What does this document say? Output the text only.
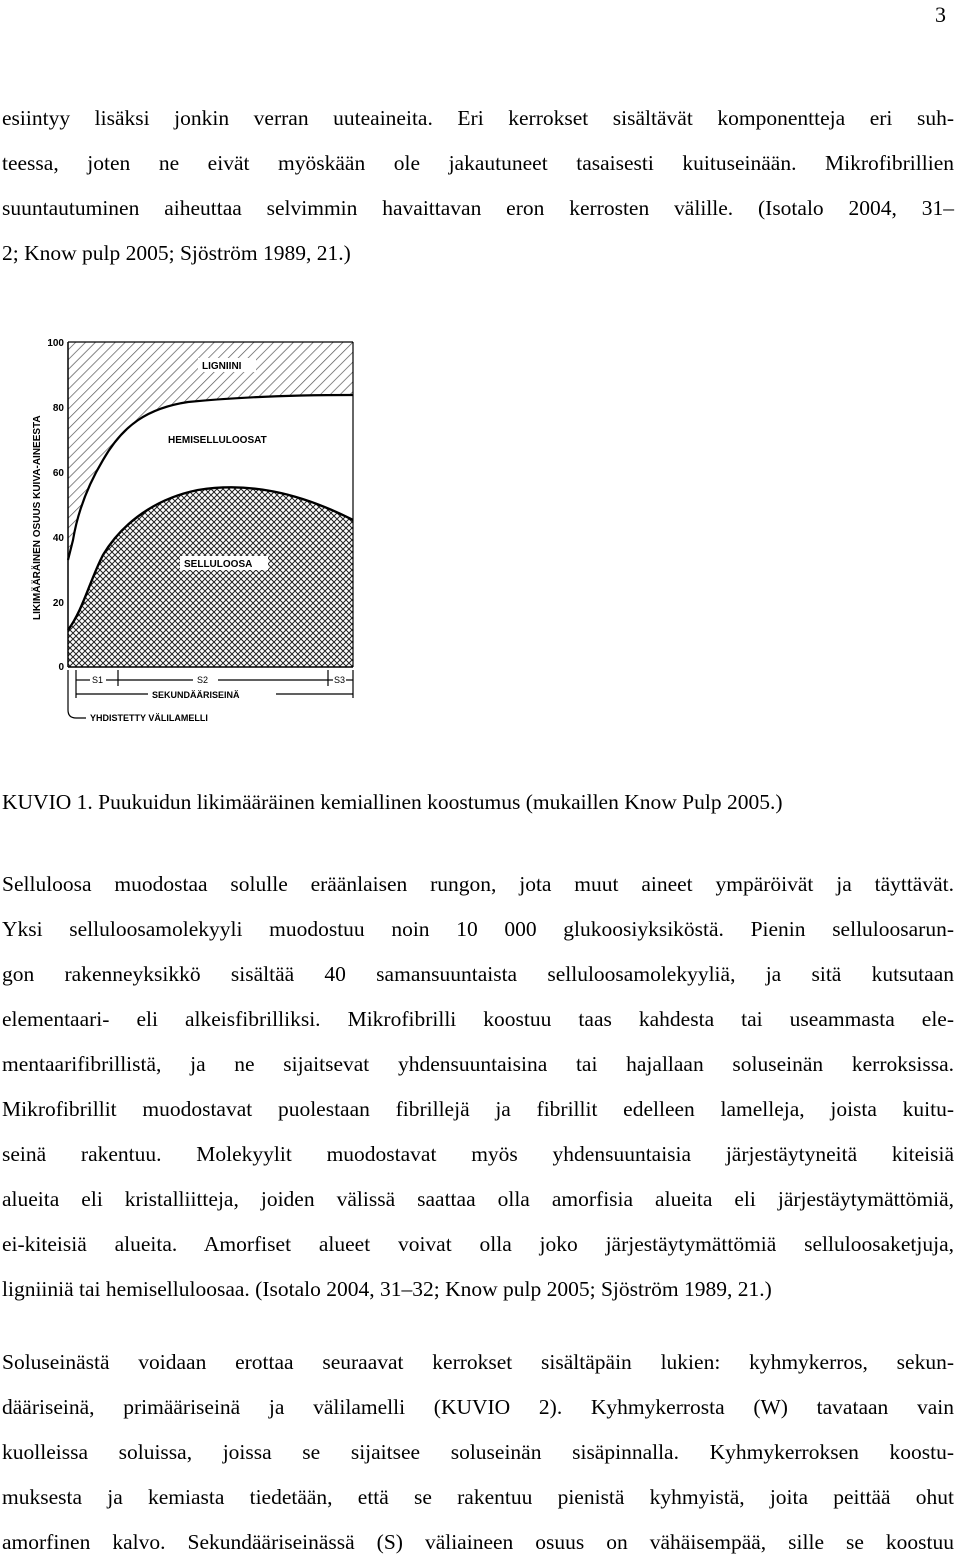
3
esiintyy lisäksi jonkin verran uuteaineita. Eri kerrokset sisältävät komponentteja eri suh-
teessa, joten ne eivät myöskään ole jakautuneet tasaisesti kuituseinään. Mikrofibrillien
suuntautuminen aiheuttaa selvimmin havaittavan eron kerrosten välille. (Isotalo 2004, 31–
2; Know pulp 2005; Sjöström 1989, 21.)
100
80
60
40
20
0
LIKIMÄÄRÄINEN OSUUS KUIVA-AINEESTA
LIGNIINI
HEMISELLULOOSAT
SELLULOOSA
S1	S2	S3
SEKUNDÄÄRISEINÄ
YHDISTETTY VÄLILAMELLI
KUVIO 1. Puukuidun likimääräinen kemiallinen koostumus (mukaillen Know Pulp 2005.)
Selluloosa muodostaa solulle eräänlaisen rungon, jota muut aineet ympäröivät ja täyttävät.
Yksi selluloosamolekyyli muodostuu noin 10 000 glukoosiyksiköstä. Pienin selluloosarun-
gon rakenneyksikkö sisältää 40 samansuuntaista selluloosamolekyyliä, ja sitä kutsutaan
elementaari- eli alkeisfibrilliksi. Mikrofibrilli koostuu taas kahdesta tai useammasta ele-
mentaarifibrillistä, ja ne sijaitsevat yhdensuuntaisina tai hajallaan soluseinän kerroksissa.
Mikrofibrillit muodostavat puolestaan fibrillejä ja fibrillit edelleen lamelleja, joista kuitu-
seinä rakentuu. Molekyylit muodostavat myös yhdensuuntaisia järjestäytyneitä kiteisiä
alueita eli kristalliitteja, joiden välissä saattaa olla amorfisia alueita eli järjestäytymättömiä,
ei-kiteisiä alueita. Amorfiset alueet voivat olla joko järjestäytymättömiä selluloosaketjuja,
ligniiniä tai hemiselluloosaa. (Isotalo 2004, 31–32; Know pulp 2005; Sjöström 1989, 21.)
Soluseinästä voidaan erottaa seuraavat kerrokset sisältäpäin lukien: kyhmykerros, sekun-
dääriseinä, primääriseinä ja välilamelli (KUVIO 2). Kyhmykerrosta (W) tavataan vain
kuolleissa soluissa, joissa se sijaitsee soluseinän sisäpinnalla. Kyhmykerroksen koostu-
muksesta ja kemiasta tiedetään, että se rakentuu pienistä kyhmyistä, joita peittää ohut
amorfinen kalvo. Sekundääriseinässä (S) väliaineen osuus on vähäisempää, sille se koostuu
